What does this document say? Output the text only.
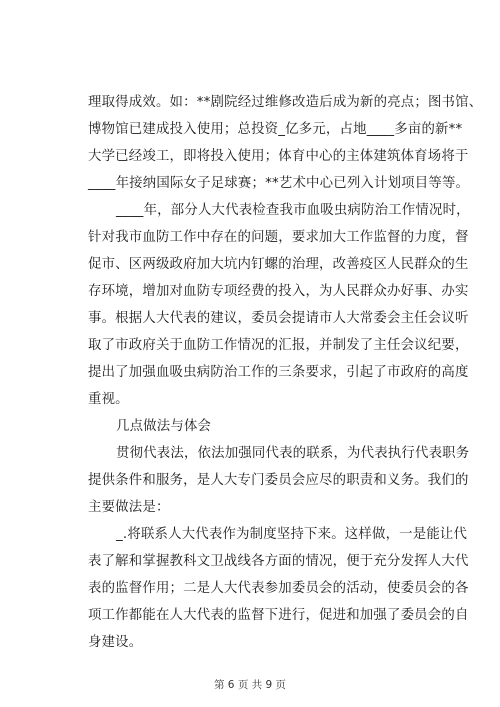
理取得成效。如：**剧院经过维修改造后成为新的亮点；图书馆、
博物馆已建成投入使用；总投资_亿多元，占地____多亩的新**
大学已经竣工，即将投入使用；体育中心的主体建筑体育场将于
____年接纳国际女子足球赛；**艺术中心已列入计划项目等等。
____年，部分人大代表检查我市血吸虫病防治工作情况时，
针对我市血防工作中存在的问题，要求加大工作监督的力度，督
促市、区两级政府加大坑内钉螺的治理，改善疫区人民群众的生
存环境，增加对血防专项经费的投入，为人民群众办好事、办实
事。根据人大代表的建议，委员会提请市人大常委会主任会议听
取了市政府关于血防工作情况的汇报，并制发了主任会议纪要，
提出了加强血吸虫病防治工作的三条要求，引起了市政府的高度
重视。
几点做法与体会
贯彻代表法，依法加强同代表的联系，为代表执行代表职务
提供条件和服务，是人大专门委员会应尽的职责和义务。我们的
主要做法是：
_.将联系人大代表作为制度坚持下来。这样做，一是能让代
表了解和掌握教科文卫战线各方面的情况，便于充分发挥人大代
表的监督作用；二是人大代表参加委员会的活动，使委员会的各
项工作都能在人大代表的监督下进行，促进和加强了委员会的自
身建设。
第 6 页 共 9 页
